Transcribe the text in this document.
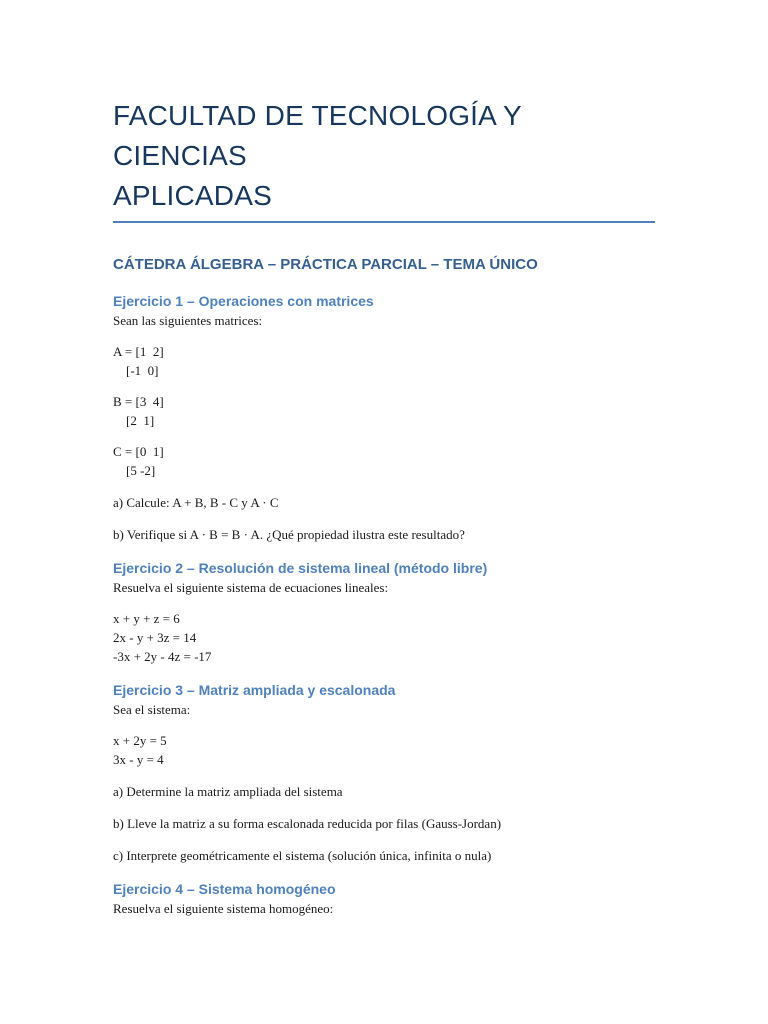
FACULTAD DE TECNOLOGÍA Y CIENCIAS
APLICADAS
CÁTEDRA ÁLGEBRA – PRÁCTICA PARCIAL – TEMA ÚNICO
Ejercicio 1 – Operaciones con matrices

Sean las siguientes matrices:

A = [1  2]

[-1  0]

B = [3  4]

[2  1]

C = [0  1]

[5 -2]

a) Calcule: A + B, B - C y A · C

b) Verifique si A · B = B · A. ¿Qué propiedad ilustra este resultado?

Ejercicio 2 – Resolución de sistema lineal (método libre)

Resuelva el siguiente sistema de ecuaciones lineales:

x + y + z = 6

2x - y + 3z = 14

-3x + 2y - 4z = -17

Ejercicio 3 – Matriz ampliada y escalonada

Sea el sistema:

x + 2y = 5

3x - y = 4

a) Determine la matriz ampliada del sistema

b) Lleve la matriz a su forma escalonada reducida por filas (Gauss-Jordan)

c) Interprete geométricamente el sistema (solución única, infinita o nula)

Ejercicio 4 – Sistema homogéneo

Resuelva el siguiente sistema homogéneo:
